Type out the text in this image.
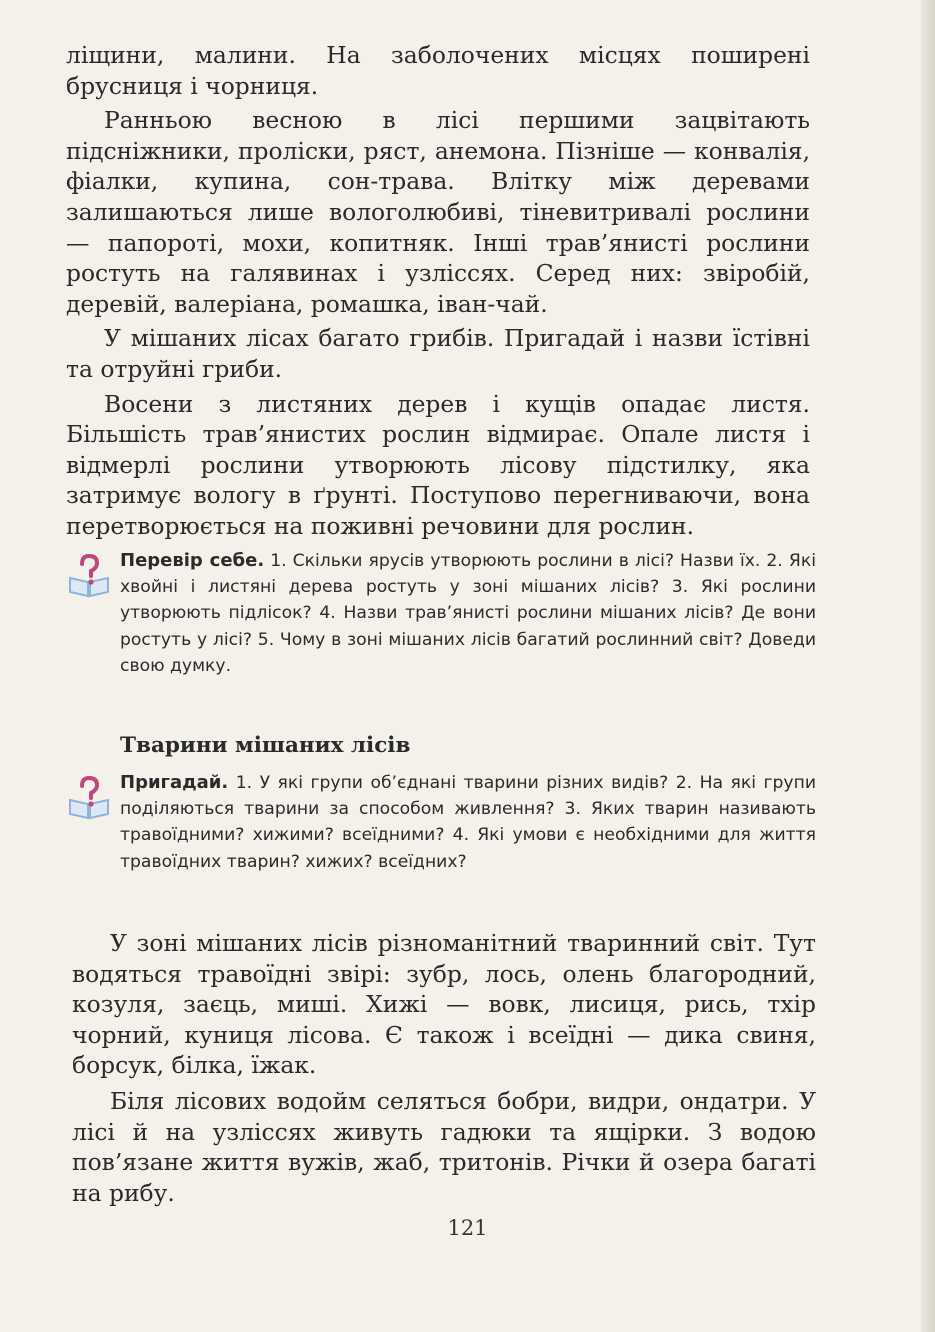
ліщини, малини. На заболочених місцях поширені брусниця і чорниця.

Ранньою весною в лісі першими зацвітають підсніжники, проліски, ряст, анемона. Пізніше — конвалія, фіалки, купина, сон-трава. Влітку між деревами залишаються лише вологолюбиві, тіневитривалі рослини — папороті, мохи, копитняк. Інші трав’янисті рослини ростуть на галявинах і узліссях. Серед них: звіробій, деревій, валеріана, ромашка, іван-чай.

У мішаних лісах багато грибів. Пригадай і назви їстівні та отруйні гриби.

Восени з листяних дерев і кущів опадає листя. Більшість трав’янистих рослин відмирає. Опале листя і відмерлі рослини утворюють лісову підстилку, яка затримує вологу в ґрунті. Поступово перегниваючи, вона перетворюється на поживні речовини для рослин.

Перевір себе. 1. Скільки ярусів утворюють рослини в лісі? Назви їх. 2. Які хвойні і листяні дерева ростуть у зоні мішаних лісів? 3. Які рослини утворюють підлісок? 4. Назви трав’янисті рослини мішаних лісів? Де вони ростуть у лісі? 5. Чому в зоні мішаних лісів багатий рослинний світ? Доведи свою думку.
Тварини мішаних лісів
Пригадай. 1. У які групи об’єднані тварини різних видів? 2. На які групи поділяються тварини за способом живлення? 3. Яких тварин називають травоїдними? хижими? всеїдними? 4. Які умови є необхідними для життя травоїдних тварин? хижих? всеїдних?

У зоні мішаних лісів різноманітний тваринний світ. Тут водяться травоїдні звірі: зубр, лось, олень благородний, козуля, заєць, миші. Хижі — вовк, лисиця, рись, тхір чорний, куниця лісова. Є також і всеїдні — дика свиня, борсук, білка, їжак.

Біля лісових водойм селяться бобри, видри, ондатри. У лісі й на узліссях живуть гадюки та ящірки. З водою пов’язане життя вужів, жаб, тритонів. Річки й озера багаті на рибу.

121
